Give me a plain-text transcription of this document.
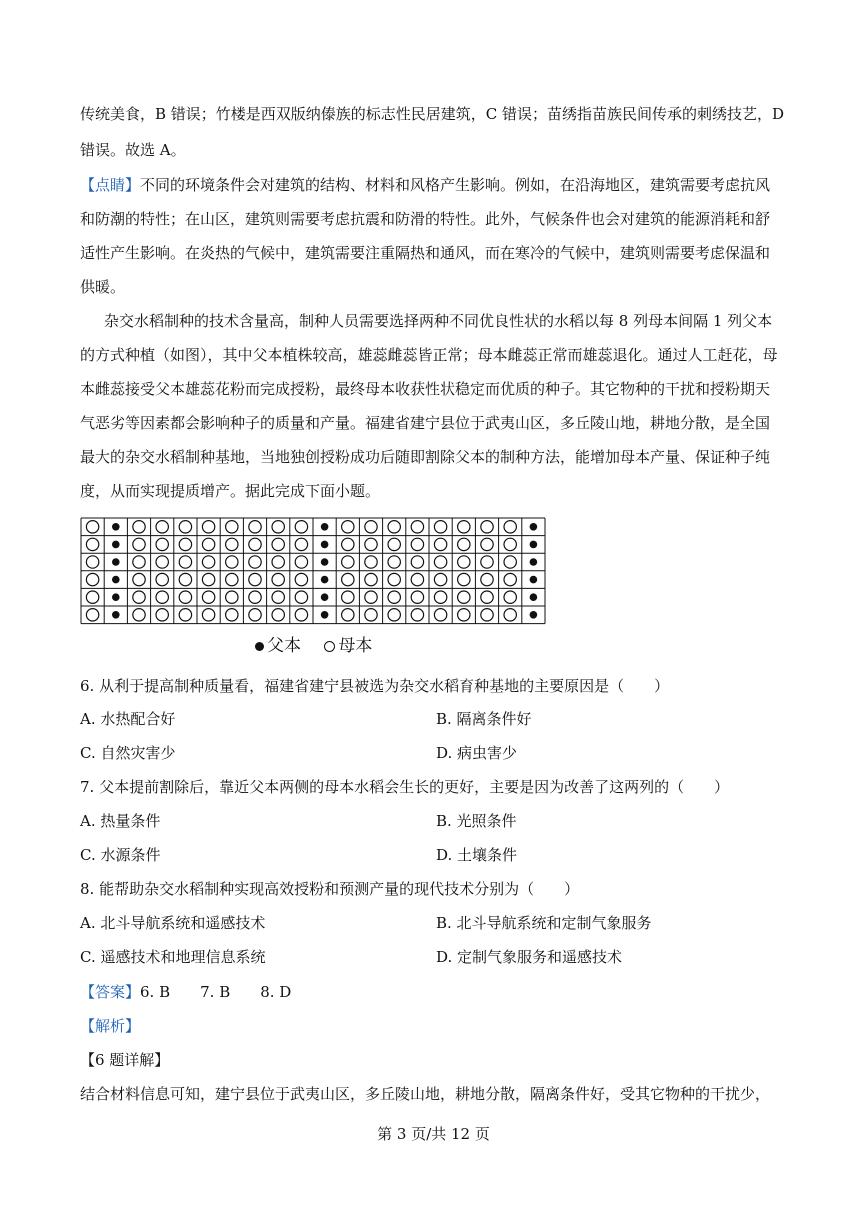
传统美食，B 错误；竹楼是西双版纳傣族的标志性民居建筑，C 错误；苗绣指苗族民间传承的刺绣技艺，D
错误。故选 A。
【点睛】不同的环境条件会对建筑的结构、材料和风格产生影响。例如，在沿海地区，建筑需要考虑抗风
和防潮的特性；在山区，建筑则需要考虑抗震和防滑的特性。此外，气候条件也会对建筑的能源消耗和舒
适性产生影响。在炎热的气候中，建筑需要注重隔热和通风，而在寒冷的气候中，建筑则需要考虑保温和
供暖。
杂交水稻制种的技术含量高，制种人员需要选择两种不同优良性状的水稻以每 8 列母本间隔 1 列父本
的方式种植（如图），其中父本植株较高，雄蕊雌蕊皆正常；母本雌蕊正常而雄蕊退化。通过人工赶花，母
本雌蕊接受父本雄蕊花粉而完成授粉，最终母本收获性状稳定而优质的种子。其它物种的干扰和授粉期天
气恶劣等因素都会影响种子的质量和产量。福建省建宁县位于武夷山区，多丘陵山地，耕地分散，是全国
最大的杂交水稻制种基地，当地独创授粉成功后随即割除父本的制种方法，能增加母本产量、保证种子纯
度，从而实现提质增产。据此完成下面小题。
父本 母本
6. 从利于提高制种质量看，福建省建宁县被选为杂交水稻育种基地的主要原因是（　　）
A. 水热配合好	B. 隔离条件好
C. 自然灾害少	D. 病虫害少
7. 父本提前割除后，靠近父本两侧的母本水稻会生长的更好，主要是因为改善了这两列的（　　）
A. 热量条件	B. 光照条件
C. 水源条件	D. 土壤条件
8. 能帮助杂交水稻制种实现高效授粉和预测产量的现代技术分别为（　　）
A. 北斗导航系统和遥感技术	B. 北斗导航系统和定制气象服务
C. 遥感技术和地理信息系统	D. 定制气象服务和遥感技术
【答案】6. B　　7. B　　8. D
【解析】
【6 题详解】
结合材料信息可知，建宁县位于武夷山区，多丘陵山地，耕地分散，隔离条件好，受其它物种的干扰少，
第 3 页/共 12 页
